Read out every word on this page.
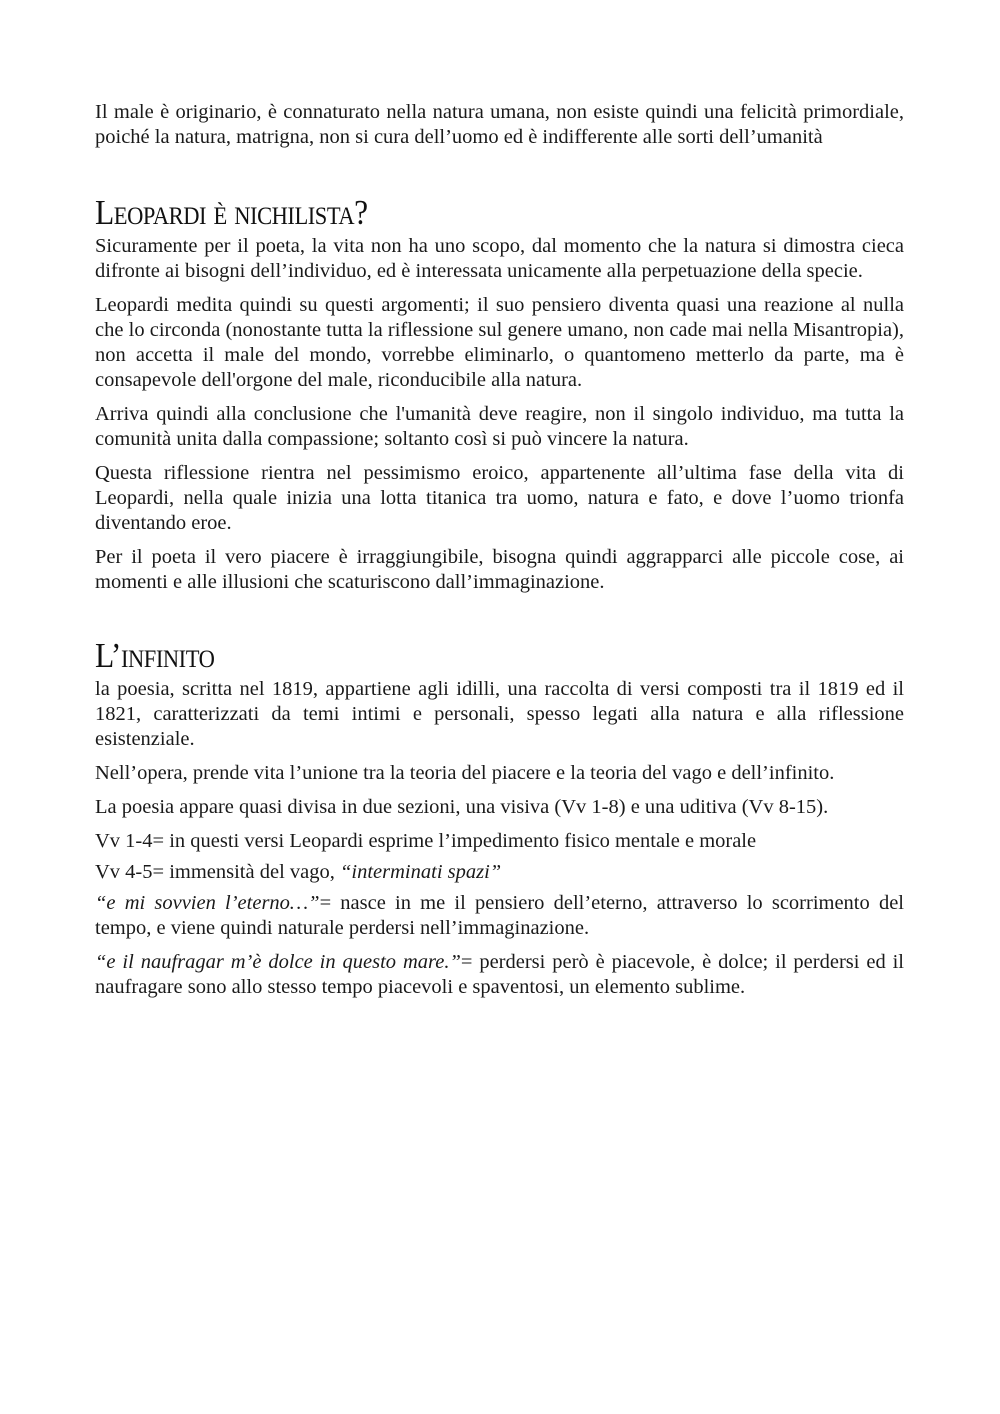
Il male è originario, è connaturato nella natura umana, non esiste quindi una felicità primordiale, poiché la natura, matrigna, non si cura dell’uomo ed è indifferente alle sorti dell’umanità

Leopardi è nichilista?

Sicuramente per il poeta, la vita non ha uno scopo, dal momento che la natura si dimostra cieca difronte ai bisogni dell’individuo, ed è interessata unicamente alla perpetuazione della specie.

Leopardi medita quindi su questi argomenti; il suo pensiero diventa quasi una reazione al nulla che lo circonda (nonostante tutta la riflessione sul genere umano, non cade mai nella Misantropia), non accetta il male del mondo, vorrebbe eliminarlo, o quantomeno metterlo da parte, ma è consapevole dell'orgone del male, riconducibile alla natura.

Arriva quindi alla conclusione che l'umanità deve reagire, non il singolo individuo, ma tutta la comunità unita dalla compassione; soltanto così si può vincere la natura.

Questa riflessione rientra nel pessimismo eroico, appartenente all’ultima fase della vita di Leopardi, nella quale inizia una lotta titanica tra uomo, natura e fato, e dove l’uomo trionfa diventando eroe.

Per il poeta il vero piacere è irraggiungibile, bisogna quindi aggrapparci alle piccole cose, ai momenti e alle illusioni che scaturiscono dall’immaginazione.

L’infinito

la poesia, scritta nel 1819, appartiene agli idilli, una raccolta di versi composti tra il 1819 ed il 1821, caratterizzati da temi intimi e personali, spesso legati alla natura e alla riflessione esistenziale.

Nell’opera, prende vita l’unione tra la teoria del piacere e la teoria del vago e dell’infinito.

La poesia appare quasi divisa in due sezioni, una visiva (Vv 1-8) e una uditiva (Vv 8-15).

Vv 1-4= in questi versi Leopardi esprime l’impedimento fisico mentale e morale

Vv 4-5= immensità del vago, “interminati spazi”

“e mi sovvien l’eterno…”= nasce in me il pensiero dell’eterno, attraverso lo scorrimento del tempo, e viene quindi naturale perdersi nell’immaginazione.

“e il naufragar m’è dolce in questo mare.”= perdersi però è piacevole, è dolce; il perdersi ed il naufragare sono allo stesso tempo piacevoli e spaventosi, un elemento sublime.
